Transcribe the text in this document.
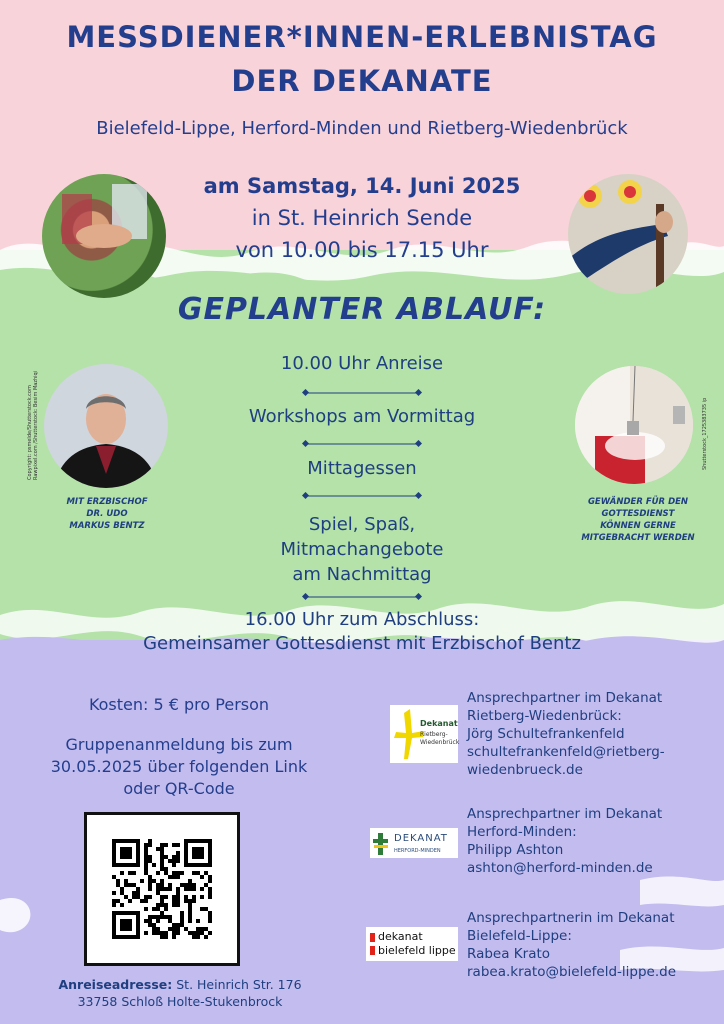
MESSDIENER*INNEN-ERLEBNISTAG
DER DEKANATE
Bielefeld-Lippe, Herford-Minden und Rietberg-Wiedenbrück
am Samstag, 14. Juni 2025
in St. Heinrich Sende
von 10.00 bis 17.15 Uhr
GEPLANTER ABLAUF:
10.00 Uhr Anreise
Workshops am Vormittag
Mittagessen
Spiel, Spaß,
Mitmachangebote
am Nachmittag
16.00 Uhr zum Abschluss:
Gemeinsamer Gottesdienst mit Erzbischof Bentz
Copyright: psmelde/Shutterstock.com Rawpixel.com /Shutterstock: Besim Mazhiqi
MIT ERZBISCHOF
DR. UDO
MARKUS BENTZ
Shutterstock_1725383735 ip
GEWÄNDER FÜR DEN
GOTTESDIENST
KÖNNEN GERNE
MITGEBRACHT WERDEN
Kosten: 5 € pro Person
Gruppenanmeldung bis zum
30.05.2025 über folgenden Link
oder QR-Code
Anreiseadresse: St. Heinrich Str. 176
33758 Schloß Holte-Stukenbrock
Dekanat
Rietberg-
Wiedenbrück
Ansprechpartner im Dekanat
Rietberg-Wiedenbrück:
Jörg Schultefrankenfeld
schultefrankenfeld@rietberg-
wiedenbrueck.de
DEKANAT
HERFORD-MINDEN
Ansprechpartner im Dekanat
Herford-Minden:
Philipp Ashton
ashton@herford-minden.de
dekanat
bielefeld lippe
Ansprechpartnerin im Dekanat
Bielefeld-Lippe:
Rabea Krato
rabea.krato@bielefeld-lippe.de
